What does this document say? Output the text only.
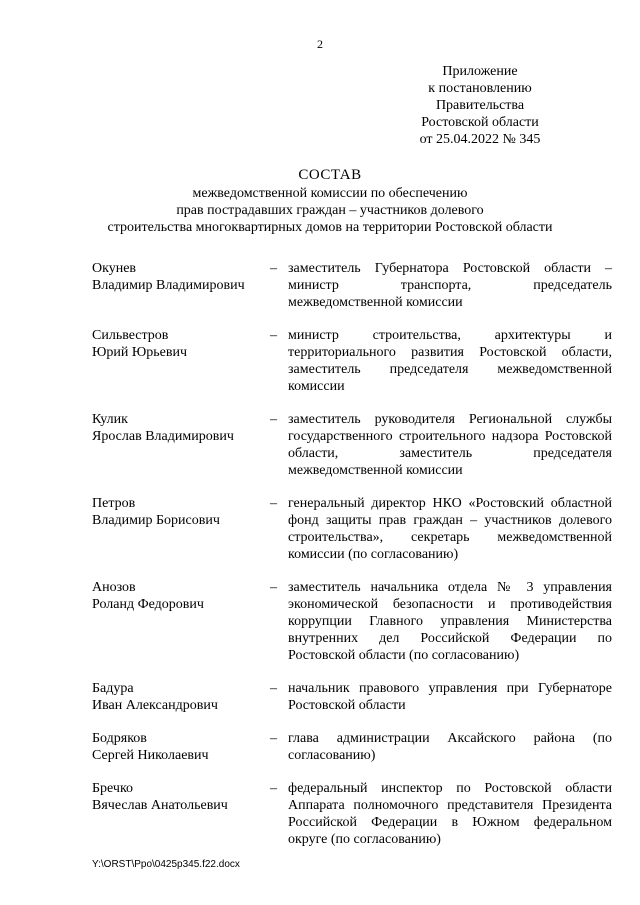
2
Приложение
к постановлению
Правительства
Ростовской области
от 25.04.2022 № 345
СОСТАВ
межведомственной комиссии по обеспечению
прав пострадавших граждан – участников долевого
строительства многоквартирных домов на территории Ростовской области
Окунев
Владимир Владимирович
– заместитель Губернатора Ростовской области – министр транспорта, председатель межведомственной комиссии
Сильвестров
Юрий Юрьевич
– министр строительства, архитектуры и территориального развития Ростовской области, заместитель председателя межведомственной комиссии
Кулик
Ярослав Владимирович
– заместитель руководителя Региональной службы государственного строительного надзора Ростовской области, заместитель председателя межведомственной комиссии
Петров
Владимир Борисович
– генеральный директор НКО «Ростовский областной фонд защиты прав граждан – участников долевого строительства», секретарь межведомственной комиссии (по согласованию)
Анозов
Роланд Федорович
– заместитель начальника отдела № 3 управления экономической безопасности и противодействия коррупции Главного управления Министерства внутренних дел Российской Федерации по Ростовской области (по согласованию)
Бадура
Иван Александрович
– начальник правового управления при Губернаторе Ростовской области
Бодряков
Сергей Николаевич
– глава администрации Аксайского района (по согласованию)
Бречко
Вячеслав Анатольевич
– федеральный инспектор по Ростовской области Аппарата полномочного представителя Президента Российской Федерации в Южном федеральном округе (по согласованию)
Y:\ORST\Ppo\0425p345.f22.docx
